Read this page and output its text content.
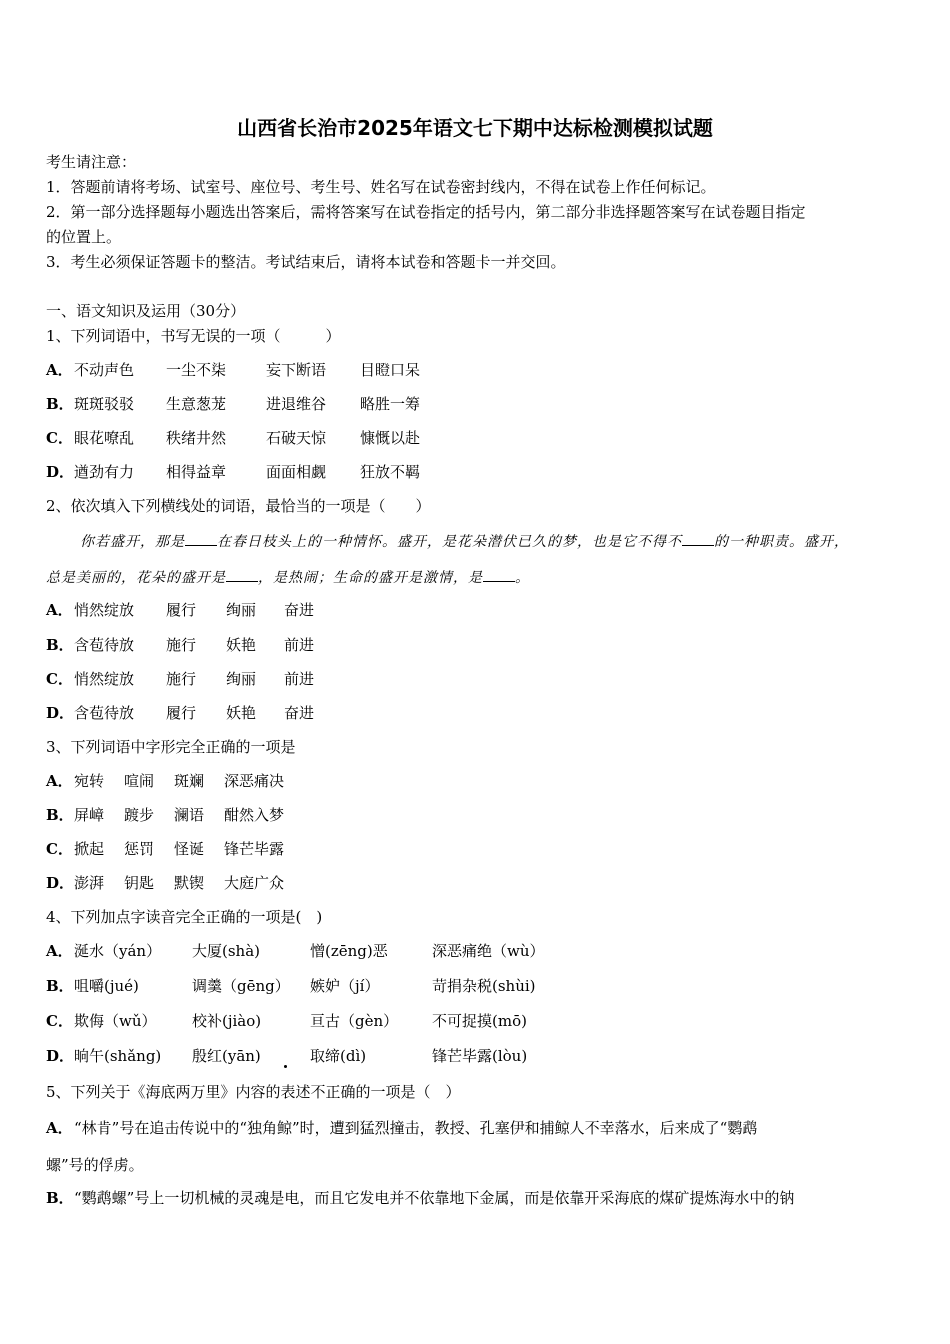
山西省长治市2025年语文七下期中达标检测模拟试题
考生请注意：
1．答题前请将考场、试室号、座位号、考生号、姓名写在试卷密封线内，不得在试卷上作任何标记。
2．第一部分选择题每小题选出答案后，需将答案写在试卷指定的括号内，第二部分非选择题答案写在试卷题目指定
的位置上。
3．考生必须保证答题卡的整洁。考试结束后，请将本试卷和答题卡一并交回。
一、语文知识及运用（30分）
1、下列词语中，书写无误的一项（　　　）
A．不动声色 一尘不柒	妄下断语 目瞪口呆
B．斑斑驳驳 生意葱茏	进退维谷 略胜一筹
C．眼花嘹乱 秩绪井然	石破天惊 慷慨以赴
D．遒劲有力 相得益章	面面相觑 狂放不羁
2、依次填入下列横线处的词语，最恰当的一项是（　　）
你若盛开，那是 在春日枝头上的一种情怀。盛开，是花朵潜伏已久的梦，也是它不得不 的一种职责。盛开，
总是美丽的，花朵的盛开是 ，是热闹；生命的盛开是激情，是 。
A．悄然绽放 履行 绚丽 奋进
B．含苞待放 施行 妖艳 前进
C．悄然绽放 施行 绚丽 前进
D．含苞待放 履行 妖艳 奋进
3、下列词语中字形完全正确的一项是
A．宛转 喧闹 斑斓 深恶痛决
B．屏嶂 踱步 澜语 酣然入梦
C．掀起 惩罚 怪诞 锋芒毕露
D．澎湃 钥匙 默锲 大庭广众
4、下列加点字读音完全正确的一项是(　)
A．涎水（yán） 大厦(shà)	憎(zēng)恶	深恶痛绝（wù）
B．咀嚼(jué)	调羹（gēng） 嫉妒（jí）	苛捐杂税(shùi)
C．欺侮（wǔ） 校补(jiào)	亘古（gèn） 不可捉摸(mō)
D．晌午(shǎng) 殷红(yān)	取缔(dì)	锋芒毕露(lòu)
5、下列关于《海底两万里》内容的表述不正确的一项是（　）
A．“林肯”号在追击传说中的“独角鲸”时，遭到猛烈撞击，教授、孔塞伊和捕鲸人不幸落水，后来成了“鹦鹉
螺”号的俘虏。
B．“鹦鹉螺”号上一切机械的灵魂是电，而且它发电并不依靠地下金属，而是依靠开采海底的煤矿提炼海水中的钠
